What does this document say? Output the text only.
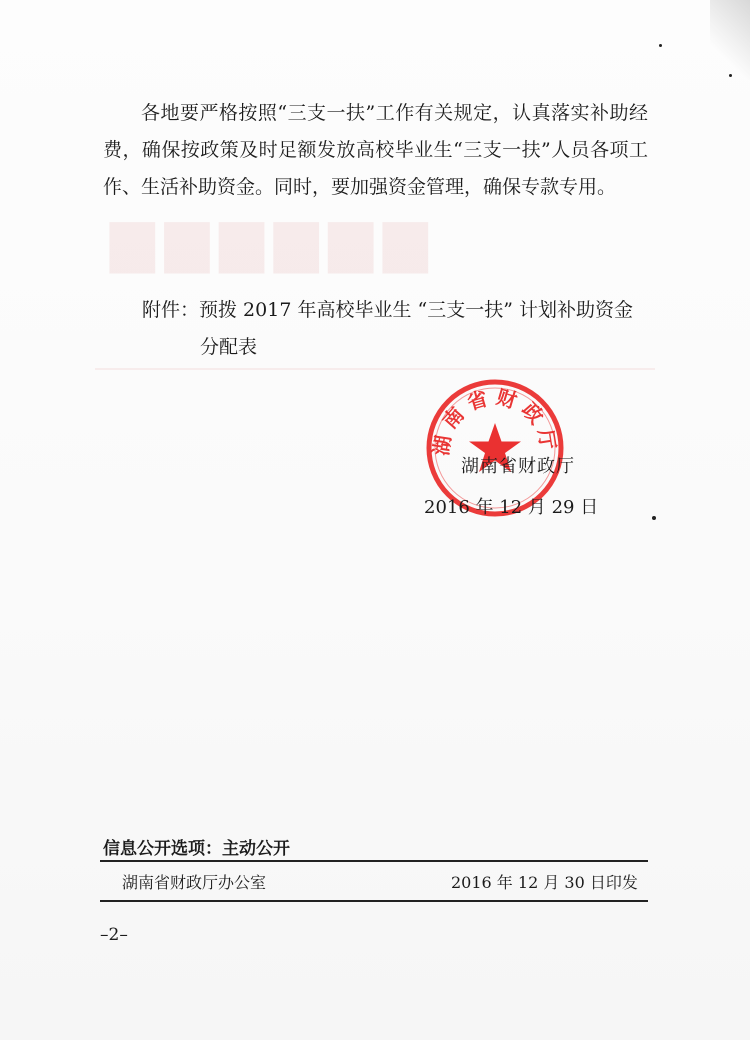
▆▆▆▆▆▆

各地要严格按照“三支一扶”工作有关规定，认真落实补助经费，确保按政策及时足额发放高校毕业生“三支一扶”人员各项工作、生活补助资金。同时，要加强资金管理，确保专款专用。

附件：预拨 2017 年高校毕业生 “三支一扶” 计划补助资金
分配表

湖南省财政厅
湖南省财政厅
2016 年 12 月 29 日
信息公开选项：主动公开
湖南省财政厅办公室	2016 年 12 月 30 日印发
–2–
